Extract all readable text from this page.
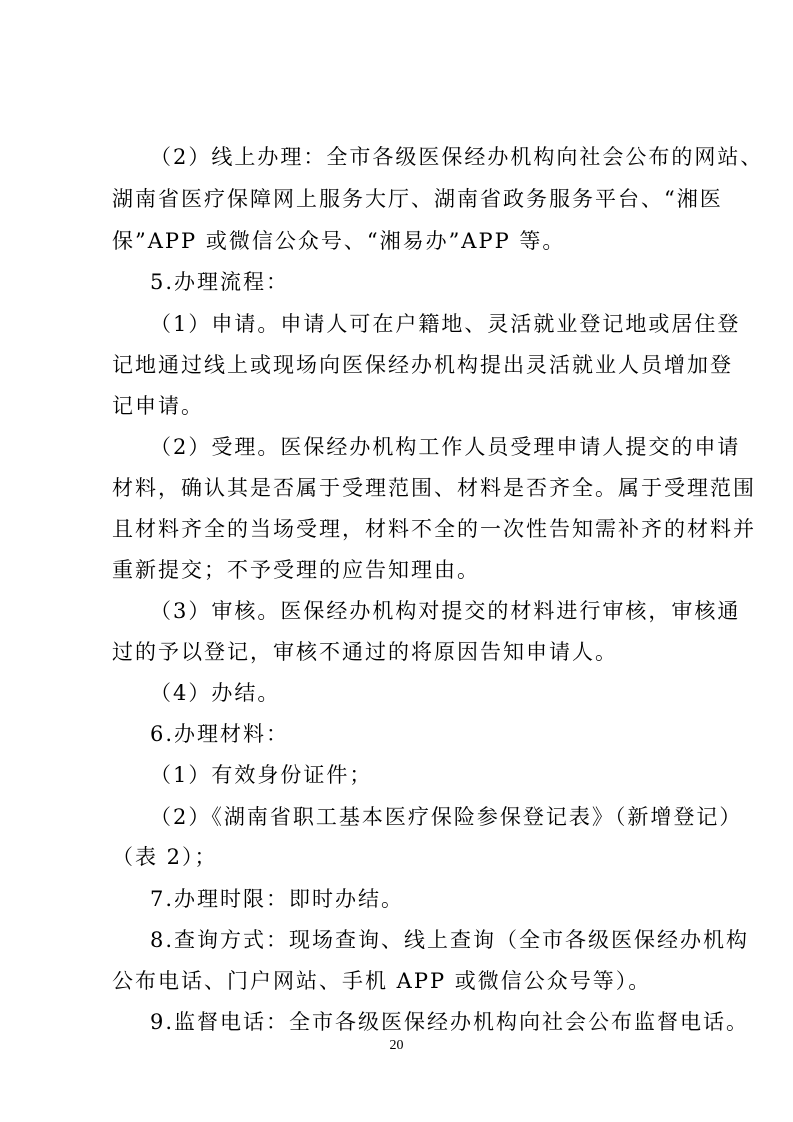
（2）线上办理：全市各级医保经办机构向社会公布的网站、
湖南省医疗保障网上服务大厅、湖南省政务服务平台、“湘医
保”APP 或微信公众号、“湘易办”APP 等。
5.办理流程：
（1）申请。申请人可在户籍地、灵活就业登记地或居住登
记地通过线上或现场向医保经办机构提出灵活就业人员增加登
记申请。
（2）受理。医保经办机构工作人员受理申请人提交的申请
材料，确认其是否属于受理范围、材料是否齐全。属于受理范围
且材料齐全的当场受理，材料不全的一次性告知需补齐的材料并
重新提交；不予受理的应告知理由。
（3）审核。医保经办机构对提交的材料进行审核，审核通
过的予以登记，审核不通过的将原因告知申请人。
（4）办结。
6.办理材料：
（1）有效身份证件；
（2）《湖南省职工基本医疗保险参保登记表》（新增登记）
（表 2）；
7.办理时限：即时办结。
8.查询方式：现场查询、线上查询（全市各级医保经办机构
公布电话、门户网站、手机 APP 或微信公众号等）。
9.监督电话：全市各级医保经办机构向社会公布监督电话。
20
